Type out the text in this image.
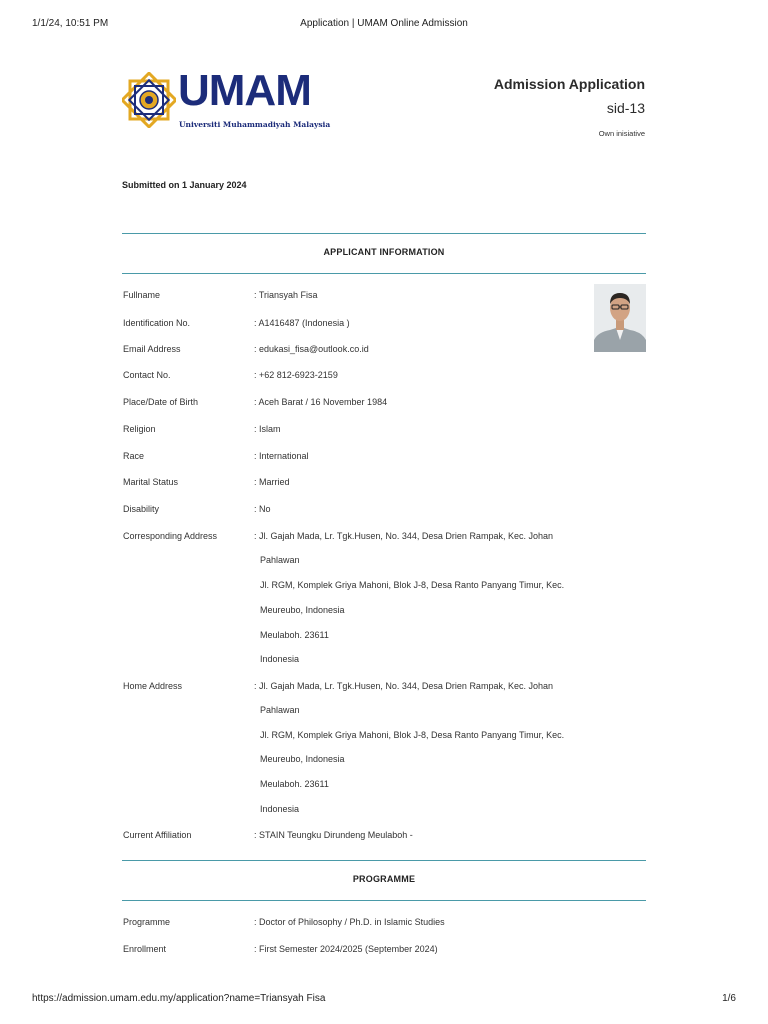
1/1/24, 10:51 PM	Application | UMAM Online Admission
UMAM
Universiti Muhammadiyah Malaysia
Admission Application
sid-13
Own inisiative
Submitted on 1 January 2024
APPLICANT INFORMATION
Fullname	: Triansyah Fisa
Identification No.	: A1416487 (Indonesia )
Email Address	: edukasi_fisa@outlook.co.id
Contact No.	: +62 812-6923-2159
Place/Date of Birth	: Aceh Barat / 16 November 1984
Religion	: Islam
Race	: International
Marital Status	: Married
Disability	: No
Corresponding Address	: Jl. Gajah Mada, Lr. Tgk.Husen, No. 344, Desa Drien Rampak, Kec. Johan
Pahlawan
Jl. RGM, Komplek Griya Mahoni, Blok J-8, Desa Ranto Panyang Timur, Kec.
Meureubo, Indonesia
Meulaboh. 23611
Indonesia
Home Address	: Jl. Gajah Mada, Lr. Tgk.Husen, No. 344, Desa Drien Rampak, Kec. Johan
Pahlawan
Jl. RGM, Komplek Griya Mahoni, Blok J-8, Desa Ranto Panyang Timur, Kec.
Meureubo, Indonesia
Meulaboh. 23611
Indonesia
Current Affiliation	: STAIN Teungku Dirundeng Meulaboh -
PROGRAMME
Programme	: Doctor of Philosophy / Ph.D. in Islamic Studies
Enrollment	: First Semester 2024/2025 (September 2024)
https://admission.umam.edu.my/application?name=Triansyah Fisa	1/6
